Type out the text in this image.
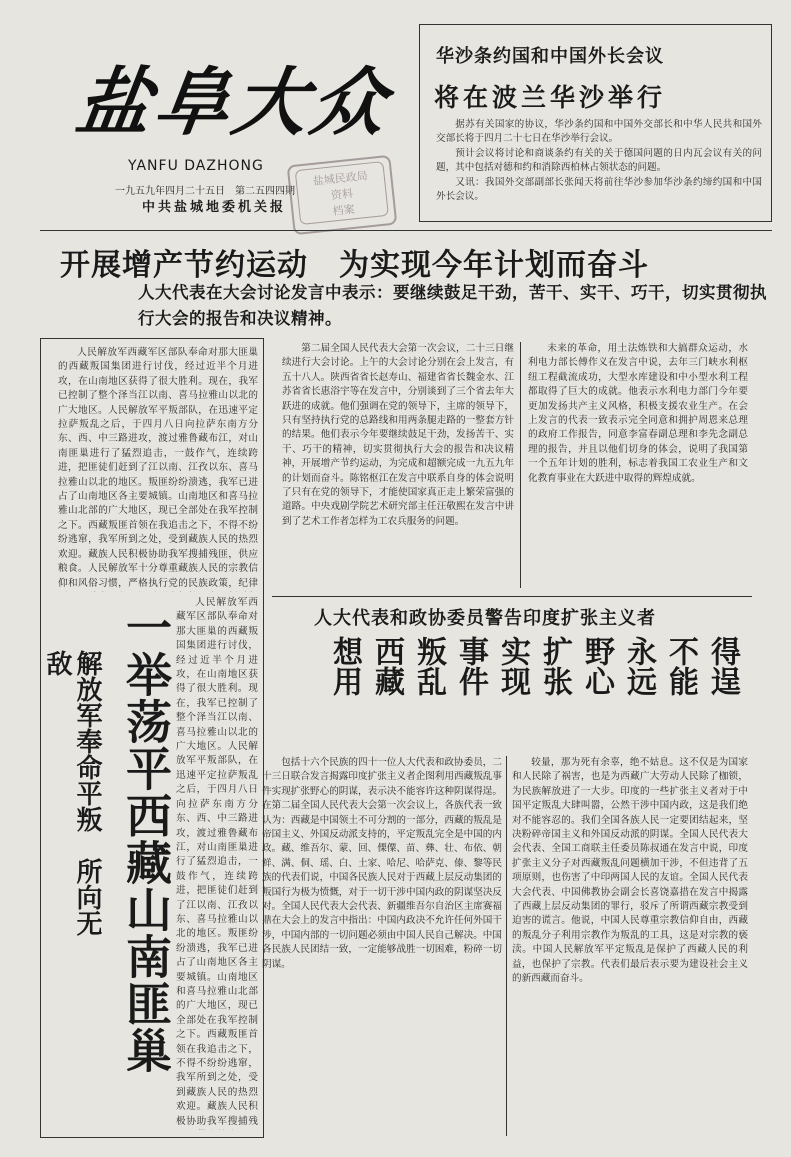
盐阜大众
YANFU DAZHONG
一九五九年四月二十五日　第二五四四期
中共盐城地委机关报
盐城民政局
资料
档案
华沙条约国和中国外长会议
将在波兰华沙举行

据苏有关国家的协议，华沙条约国和中国外交部长和中华人民共和国外交部长将于四月二十七日在华沙举行会议。

预计会议将讨论和商谈条约有关的关于德国问题的日内瓦会议有关的问题，其中包括对德和约和消除西柏林占领状态的问题。

又讯：我国外交部副部长张闻天将前往华沙参加华沙条约缔约国和中国外长会议。

开展增产节约运动　为实现今年计划而奋斗
人大代表在大会讨论发言中表示：要继续鼓足干劲，苦干、实干、巧干，切实贯彻执行大会的报告和决议精神。

人民解放军西藏军区部队奉命对那大匪巢的西藏叛国集团进行讨伐，经过近半个月进攻，在山南地区获得了很大胜利。现在，我军已控制了整个泽当江以南、喜马拉雅山以北的广大地区。人民解放军平叛部队，在迅速平定拉萨叛乱之后，于四月八日向拉萨东南方分东、西、中三路进攻，渡过雅鲁藏布江，对山南匪巢进行了猛烈追击，一鼓作气，连续跨进，把匪徒们赶到了江以南、江孜以东、喜马拉雅山以北的地区。叛匪纷纷溃逃，我军已进占了山南地区各主要城镇。山南地区和喜马拉雅山北部的广大地区，现已全部处在我军控制之下。西藏叛匪首领在我追击之下，不得不纷纷逃窜，我军所到之处，受到藏族人民的热烈欢迎。藏族人民积极协助我军搜捕残匪，供应粮食。人民解放军十分尊重藏族人民的宗教信仰和风俗习惯，严格执行党的民族政策，纪律

人民解放军西藏军区部队奉命对那大匪巢的西藏叛国集团进行讨伐，经过近半个月进攻，在山南地区获得了很大胜利。现在，我军已控制了整个泽当江以南、喜马拉雅山以北的广大地区。人民解放军平叛部队，在迅速平定拉萨叛乱之后，于四月八日向拉萨东南方分东、西、中三路进攻，渡过雅鲁藏布江，对山南匪巢进行了猛烈追击，一鼓作气，连续跨进，把匪徒们赶到了江以南、江孜以东、喜马拉雅山以北的地区。叛匪纷纷溃逃，我军已进占了山南地区各主要城镇。山南地区和喜马拉雅山北部的广大地区，现已全部处在我军控制之下。西藏叛匪首领在我追击之下，不得不纷纷逃窜，我军所到之处，受到藏族人民的热烈欢迎。藏族人民积极协助我军搜捕残

一举荡平西藏山南匪巢
解放军奉命平叛　所向无敌

第二届全国人民代表大会第一次会议，二十三日继续进行大会讨论。上午的大会讨论分别在会上发言，有五十八人。陕西省省长赵寿山、福建省省长魏金水、江苏省省长惠浴宇等在发言中，分别谈到了三个省去年大跃进的成就。他们强调在党的领导下，主席的领导下，只有坚持执行党的总路线和用两条腿走路的一整套方针的结果。他们表示今年要继续鼓足干劲，发扬苦干、实干、巧干的精神，切实贯彻执行大会的报告和决议精神，开展增产节约运动，为完成和超额完成一九五九年的计划而奋斗。陈铭枢江在发言中联系自身的体会说明了只有在党的领导下，才能使国家真正走上繁荣富强的道路。中央戏剧学院艺术研究部主任汪敬熙在发言中讲到了艺术工作者怎样为工农兵服务的问题。

未来的革命，用土法炼铁和大搞群众运动，水利电力部长傅作义在发言中说，去年三门峡水利枢纽工程截流成功，大型水库建设和中小型水利工程都取得了巨大的成就。他表示水利电力部门今年要更加发扬共产主义风格，积极支援农业生产。在会上发言的代表一致表示完全同意和拥护周恩来总理的政府工作报告，同意李富春副总理和李先念副总理的报告，并且以他们切身的体会，说明了我国第一个五年计划的胜利，标志着我国工农业生产和文化教育事业在大跃进中取得的辉煌成就。

人大代表和政协委员警告印度扩张主义者
得逞
不能
永远
野心
扩张
实现
事件
叛乱
西藏
想用

包括十六个民族的四十一位人大代表和政协委员，二十三日联合发言揭露印度扩张主义者企图利用西藏叛乱事件实现扩张野心的阴谋，表示决不能容许这种阴谋得逞。在第二届全国人民代表大会第一次会议上，各族代表一致认为：西藏是中国领土不可分割的一部分，西藏的叛乱是帝国主义、外国反动派支持的，平定叛乱完全是中国的内政。藏、维吾尔、蒙、回、傈僳、苗、彝、壮、布依、朝鲜、满、侗、瑶、白、土家、哈尼、哈萨克、傣、黎等民族的代表们说，中国各民族人民对于西藏上层反动集团的叛国行为极为愤慨，对于一切干涉中国内政的阴谋坚决反对。全国人民代表大会代表、新疆维吾尔自治区主席赛福鼎在大会上的发言中指出：中国内政决不允许任何外国干涉，中国内部的一切问题必须由中国人民自己解决。中国各民族人民团结一致，一定能够战胜一切困难，粉碎一切阴谋。

较量，那为死有余辜，绝不姑息。这不仅是为国家和人民除了祸害，也是为西藏广大劳动人民除了枷锁，为民族解放进了一大步。印度的一些扩张主义者对于中国平定叛乱大肆叫嚣，公然干涉中国内政，这是我们绝对不能容忍的。我们全国各族人民一定要团结起来，坚决粉碎帝国主义和外国反动派的阴谋。全国人民代表大会代表、全国工商联主任委员陈叔通在发言中说，印度扩张主义分子对西藏叛乱问题横加干涉，不但违背了五项原则，也伤害了中印两国人民的友谊。全国人民代表大会代表、中国佛教协会副会长喜饶嘉措在发言中揭露了西藏上层反动集团的罪行，驳斥了所谓西藏宗教受到迫害的谎言。他说，中国人民尊重宗教信仰自由，西藏的叛乱分子利用宗教作为叛乱的工具，这是对宗教的亵渎。中国人民解放军平定叛乱是保护了西藏人民的利益，也保护了宗教。代表们最后表示要为建设社会主义的新西藏而奋斗。
